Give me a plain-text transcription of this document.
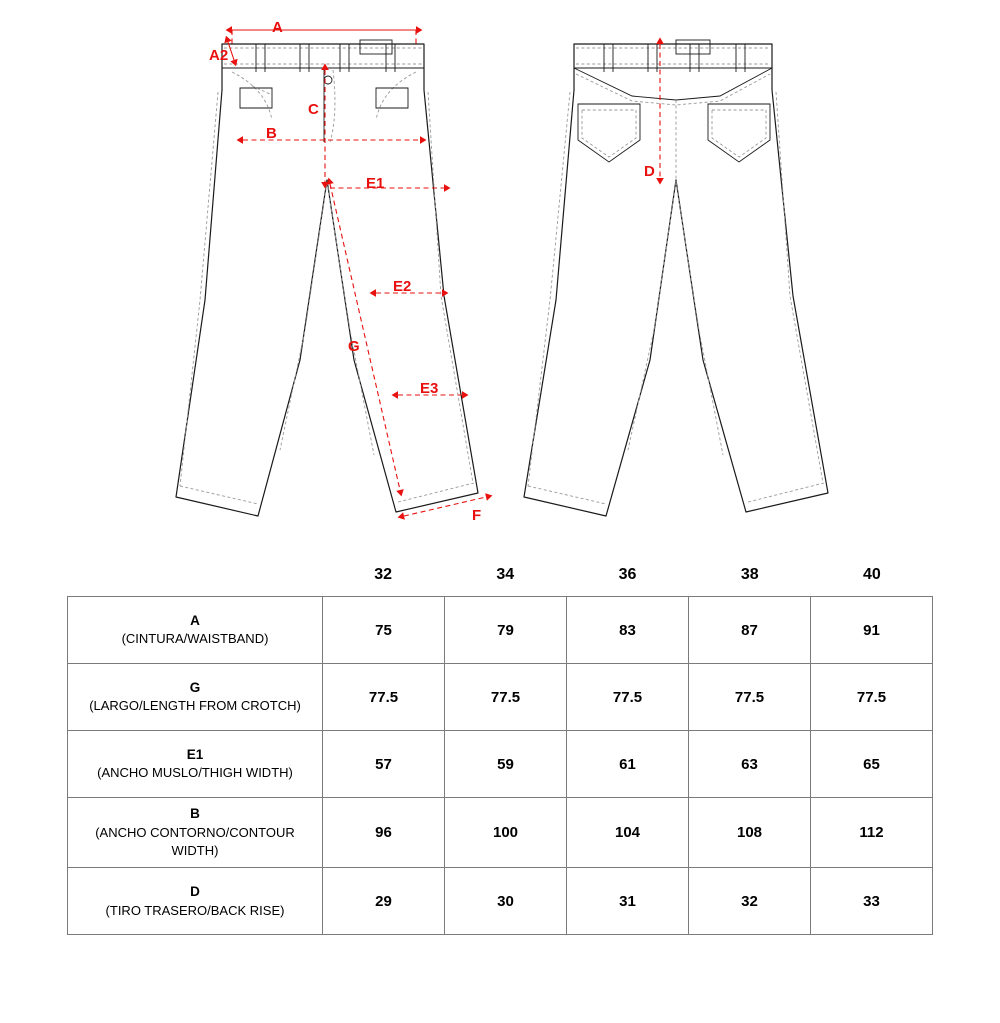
A
A2
C
B
E1
E2
G
E3
F
D
32	34	36	38	40
A
(CINTURA/WAISTBAND)	75	79	83	87	91

G
(LARGO/LENGTH FROM CROTCH)	77.5	77.5	77.5	77.5	77.5

E1
(ANCHO MUSLO/THIGH WIDTH)	57	59	61	63	65

B
(ANCHO CONTORNO/CONTOUR WIDTH)	96	100	104	108	112

D
(TIRO TRASERO/BACK RISE)	29	30	31	32	33
